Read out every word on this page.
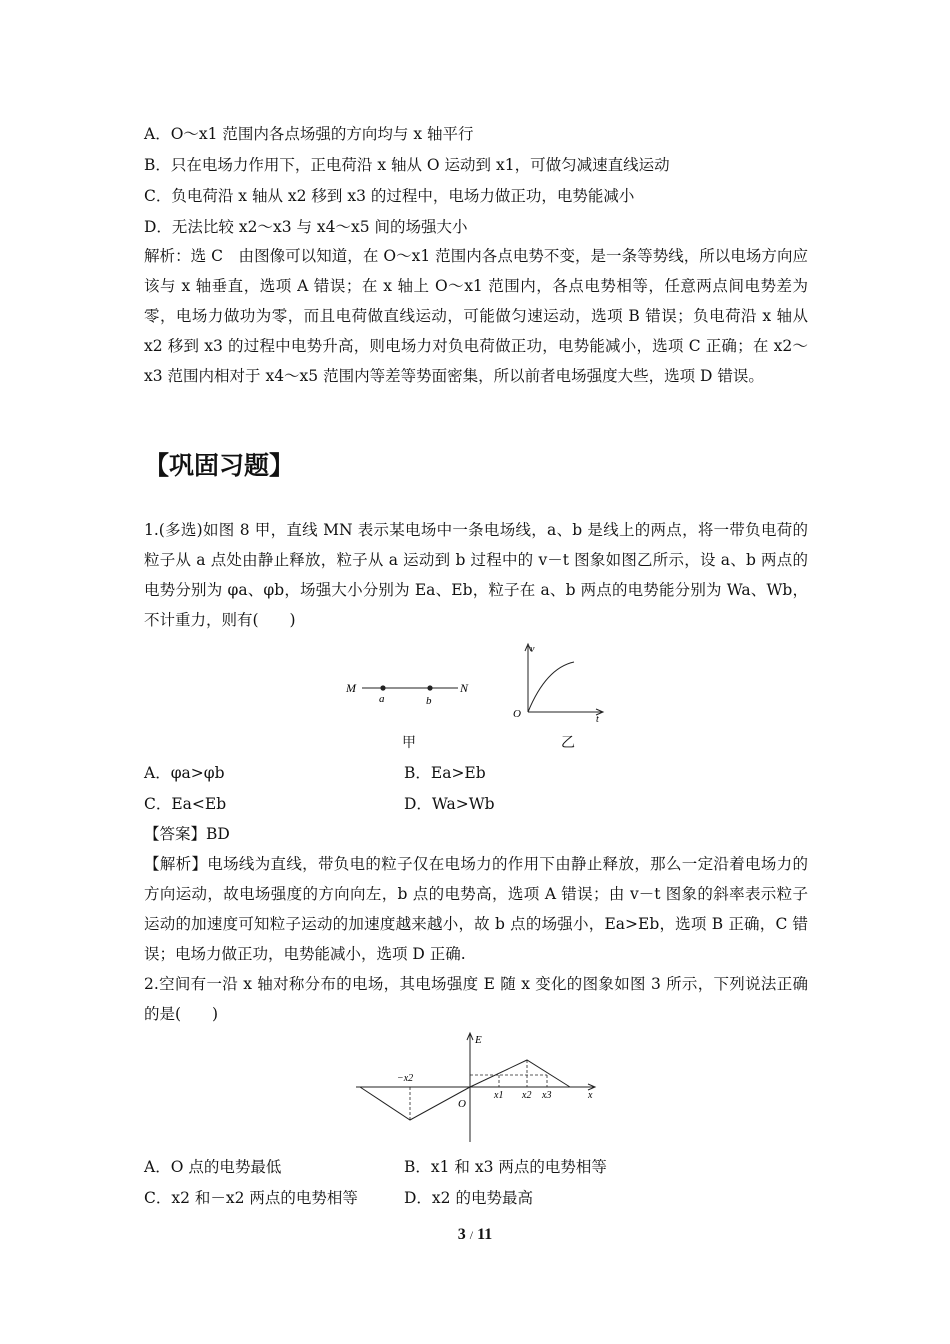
A．O～x1 范围内各点场强的方向均与 x 轴平行
B．只在电场力作用下，正电荷沿 x 轴从 O 运动到 x1，可做匀减速直线运动
C．负电荷沿 x 轴从 x2 移到 x3 的过程中，电场力做正功，电势能减小
D．无法比较 x2～x3 与 x4～x5 间的场强大小
解析：选 C　由图像可以知道，在 O～x1 范围内各点电势不变，是一条等势线，所以电场方向应该与 x 轴垂直，选项 A 错误；在 x 轴上 O～x1 范围内，各点电势相等，任意两点间电势差为零，电场力做功为零，而且电荷做直线运动，可能做匀速运动，选项 B 错误；负电荷沿 x 轴从 x2 移到 x3 的过程中电势升高，则电场力对负电荷做正功，电势能减小，选项 C 正确；在 x2～x3 范围内相对于 x4～x5 范围内等差等势面密集，所以前者电场强度大些，选项 D 错误。
【巩固习题】
1.(多选)如图 8 甲，直线 MN 表示某电场中一条电场线，a、b 是线上的两点，将一带负电荷的粒子从 a 点处由静止释放，粒子从 a 运动到 b 过程中的 v－t 图象如图乙所示，设 a、b 两点的电势分别为 φa、φb，场强大小分别为 Ea、Eb，粒子在 a、b 两点的电势能分别为 Wa、Wb，不计重力，则有(　　)
M	N
a	b
甲
v
O	t
乙
A．φa>φb	B．Ea>Eb
C．Ea<Eb	D．Wa>Wb
【答案】BD
【解析】电场线为直线，带负电的粒子仅在电场力的作用下由静止释放，那么一定沿着电场力的方向运动，故电场强度的方向向左，b 点的电势高，选项 A 错误；由 v－t 图象的斜率表示粒子运动的加速度可知粒子运动的加速度越来越小，故 b 点的场强小，Ea>Eb，选项 B 正确，C 错误；电场力做正功，电势能减小，选项 D 正确.
2.空间有一沿 x 轴对称分布的电场，其电场强度 E 随 x 变化的图象如图 3 所示，下列说法正确的是(　　)
E
−x2
O
x1 x2 x3	x
A．O 点的电势最低	B．x1 和 x3 两点的电势相等
C．x2 和－x2 两点的电势相等	D．x2 的电势最高
3 / 11
